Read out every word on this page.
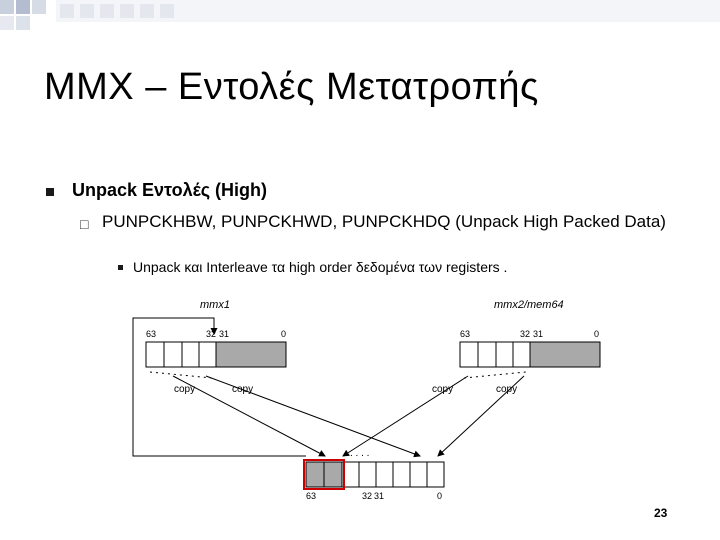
MMX – Εντολές Μετατροπής
Unpack Εντολές (High)
□ PUNPCKHBW, PUNPCKHWD, PUNPCKHDQ (Unpack High Packed Data)
Unpack και Interleave τα high order δεδομένα των registers .
mmx1
63	32 31	0
mmx2/mem64
63	32 31	0
copy	copy	copy	copy
. . . .
63	32 31	0
23
